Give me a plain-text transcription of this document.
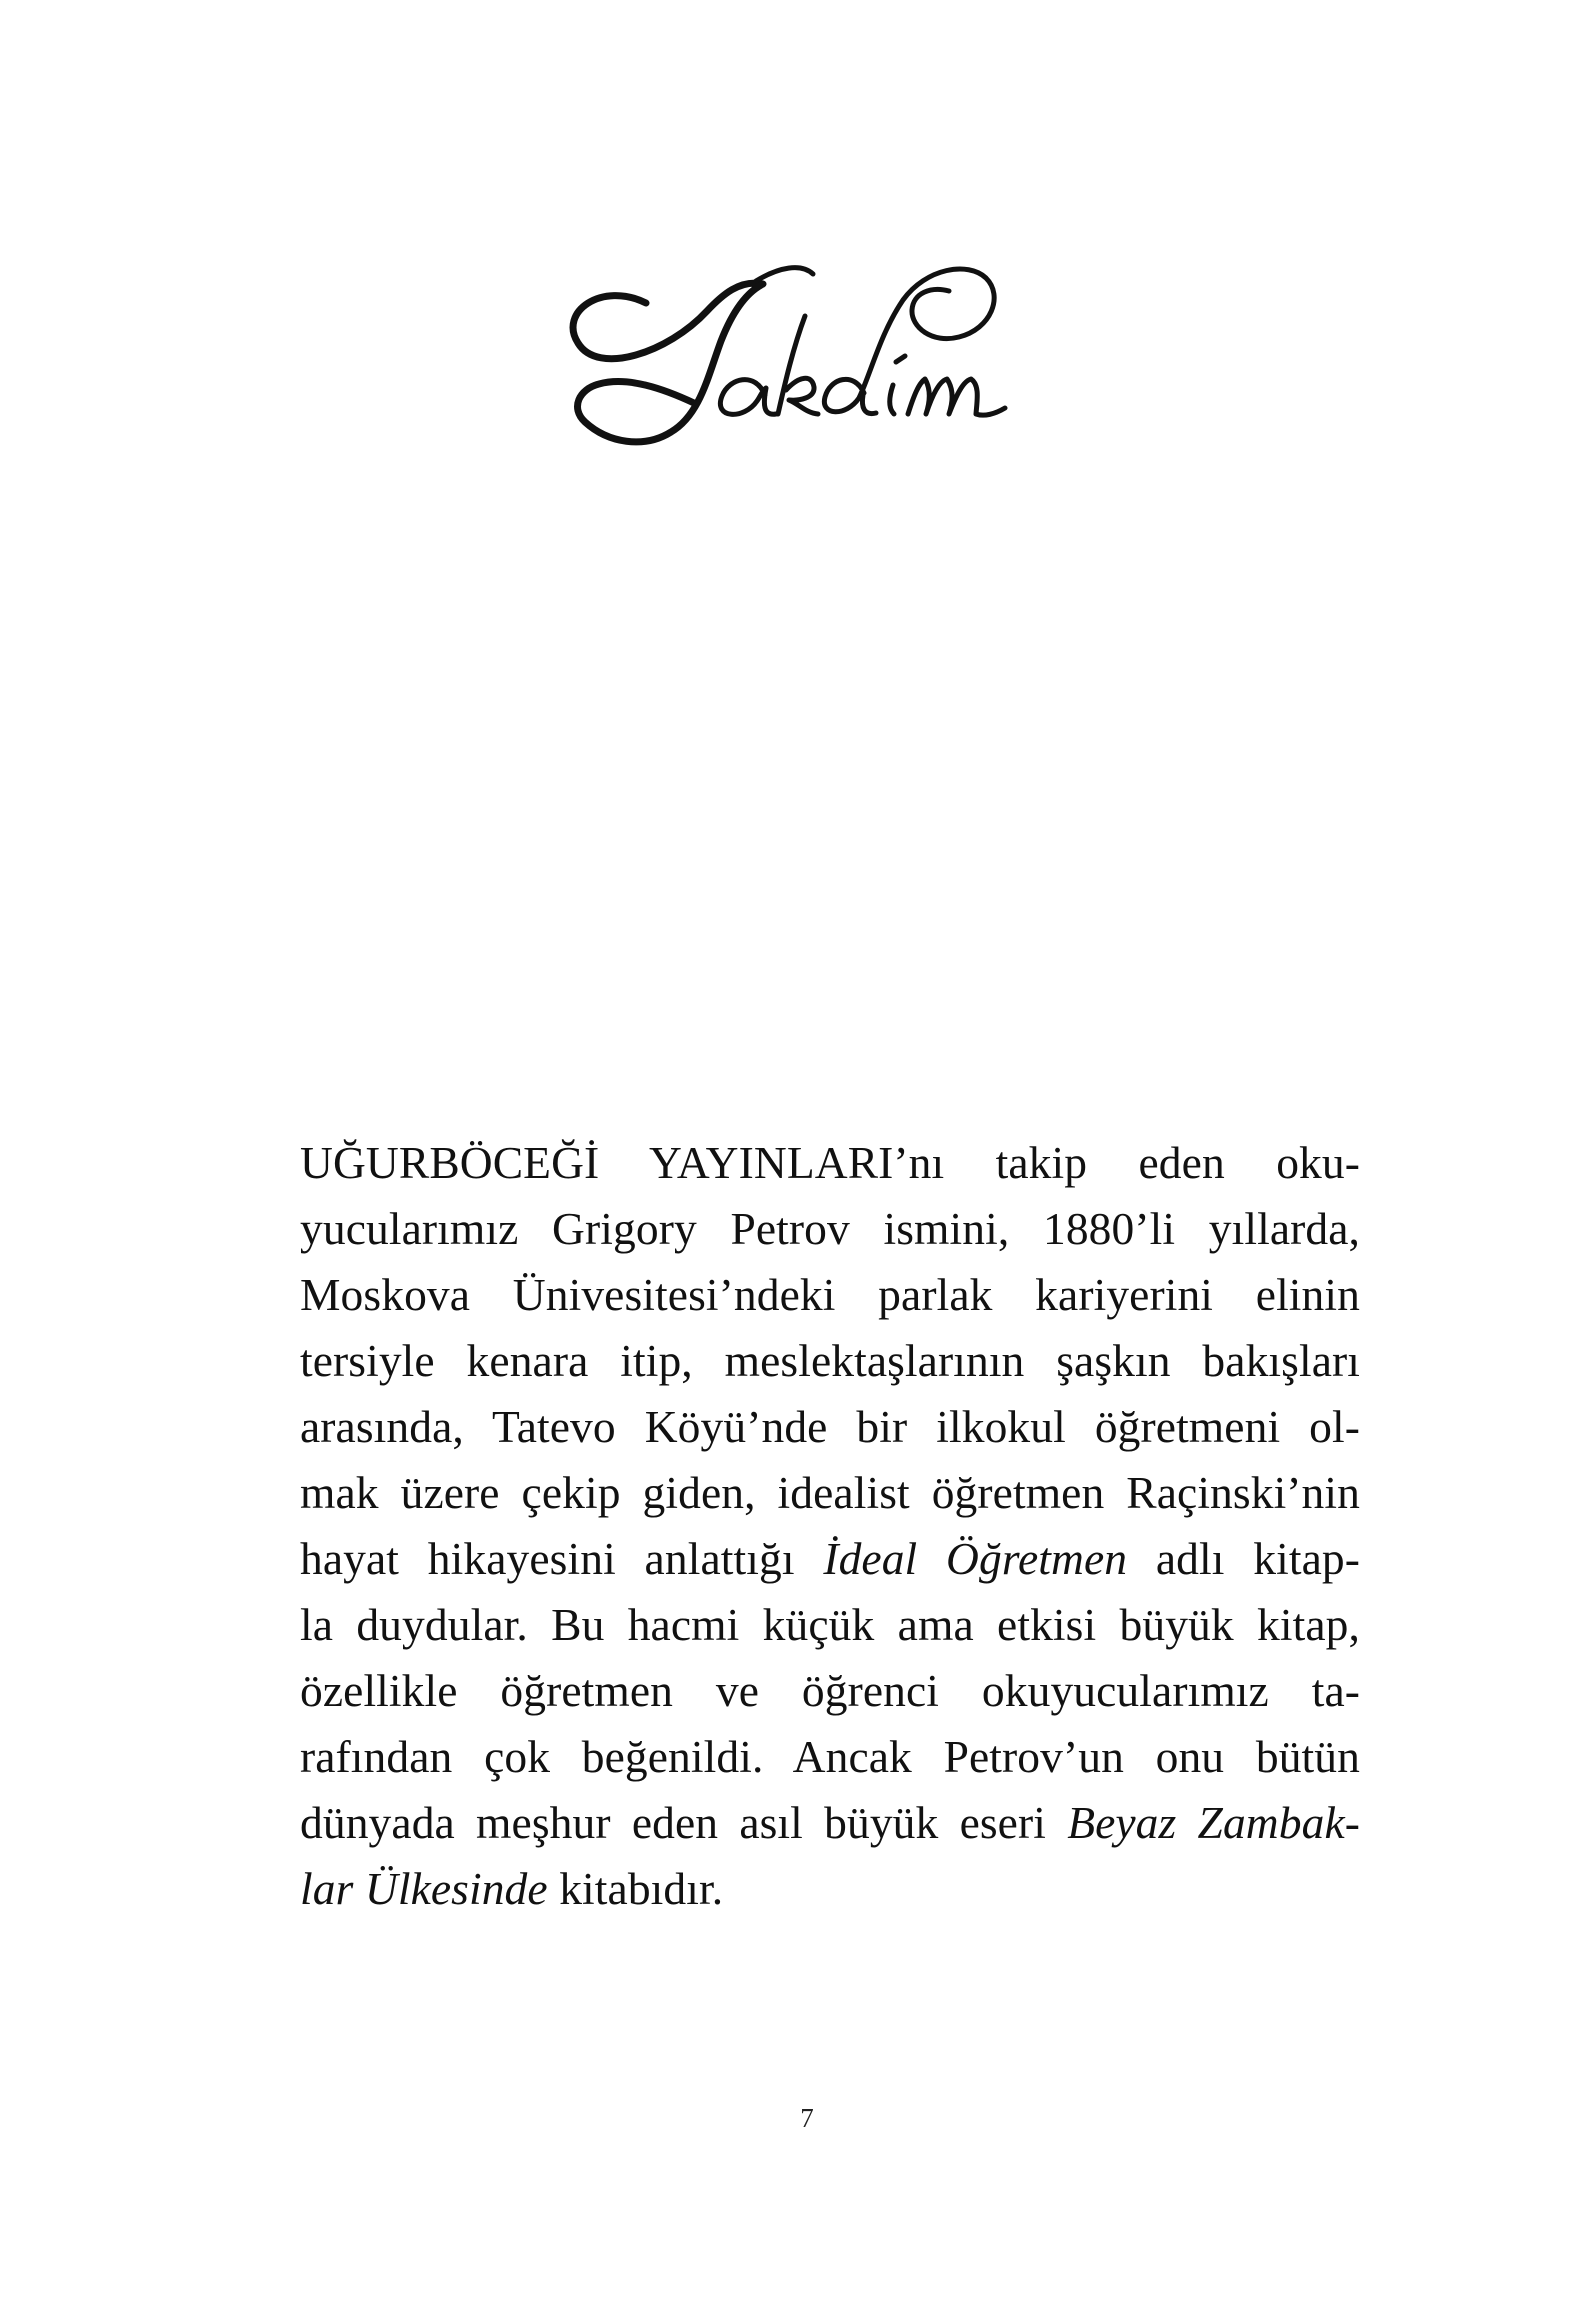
UĞURBÖCEĞİ YAYINLARI’nı takip eden oku-
yucularımız Grigory Petrov ismini, 1880’li yıllarda,
Moskova Ünivesitesi’ndeki parlak kariyerini elinin
tersiyle kenara itip, meslektaşlarının şaşkın bakışları
arasında, Tatevo Köyü’nde bir ilkokul öğretmeni ol-
mak üzere çekip giden, idealist öğretmen Raçinski’nin
hayat hikayesini anlattığı İdeal Öğretmen adlı kitap-
la duydular. Bu hacmi küçük ama etkisi büyük kitap,
özellikle öğretmen ve öğrenci okuyucularımız ta-
rafından çok beğenildi. Ancak Petrov’un onu bütün
dünyada meşhur eden asıl büyük eseri Beyaz Zambak-
lar Ülkesinde kitabıdır.
7
